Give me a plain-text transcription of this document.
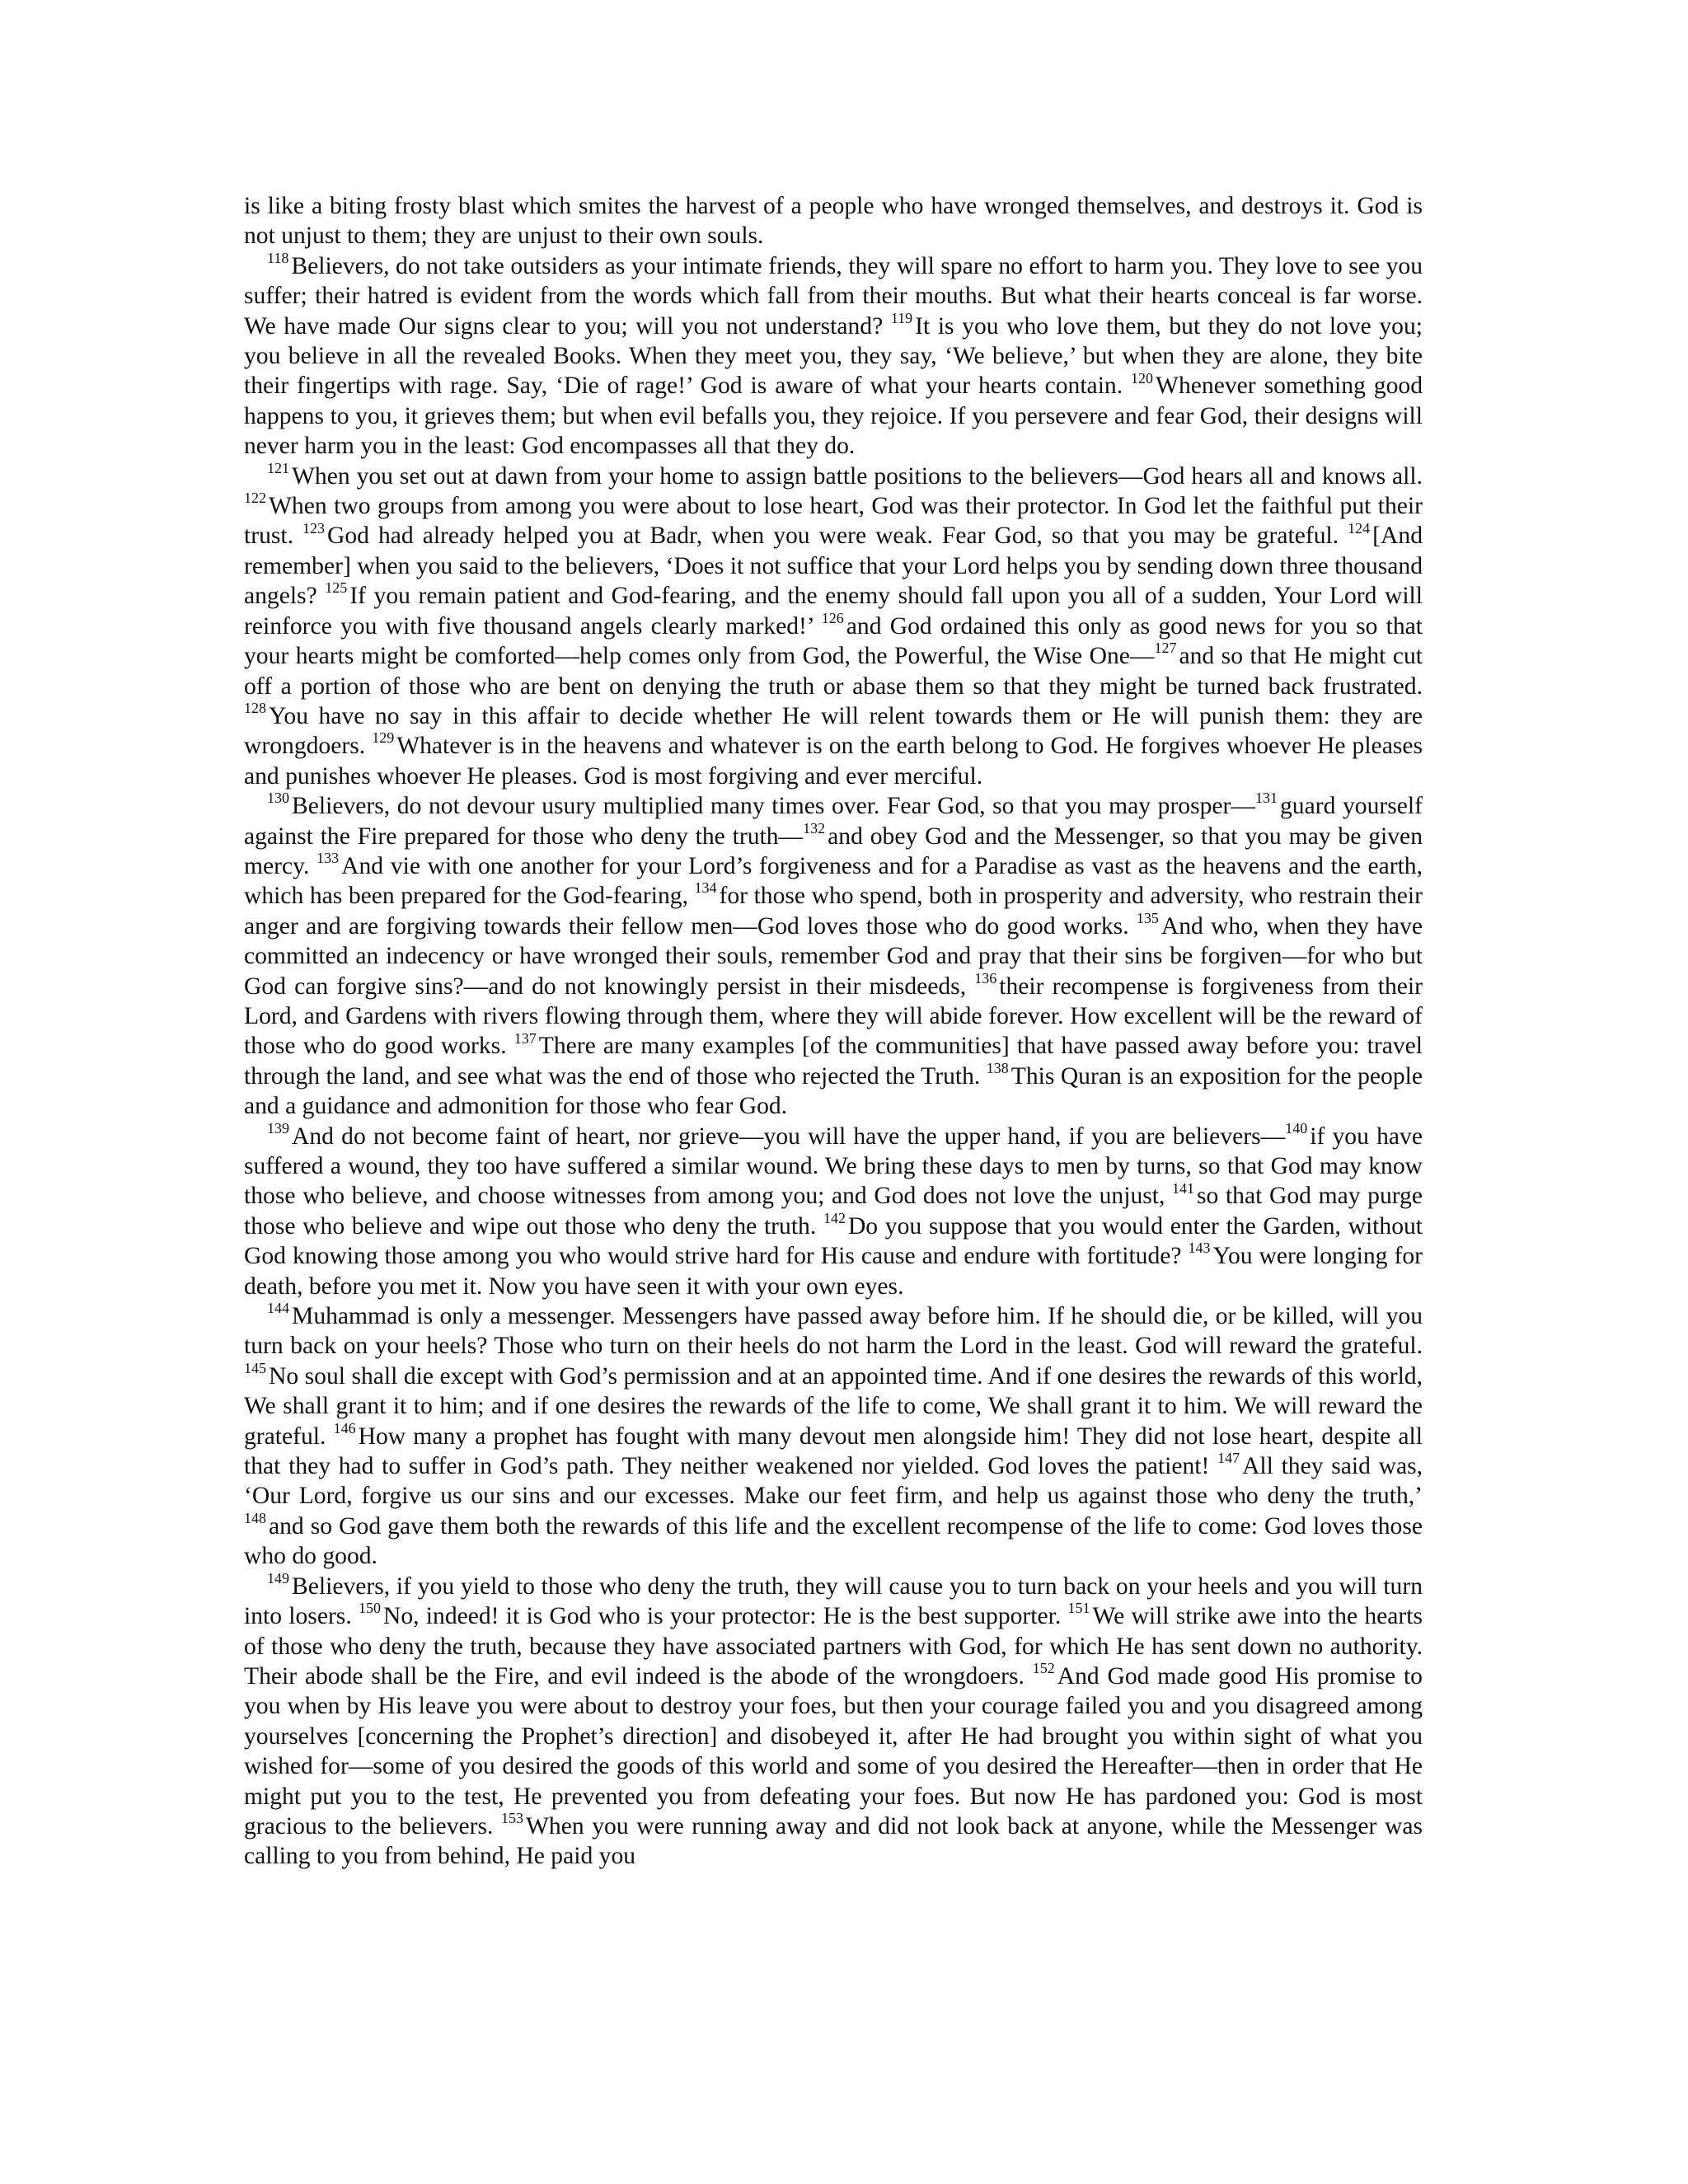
is like a biting frosty blast which smites the harvest of a people who have wronged themselves, and destroys it. God is not unjust to them; they are unjust to their own souls.

$^{118}$ Believers, do not take outsiders as your intimate friends, they will spare no effort to harm you. They love to see you suffer; their hatred is evident from the words which fall from their mouths. But what their hearts conceal is far worse. We have made Our signs clear to you; will you not understand? $^{119}$ It is you who love them, but they do not love you; you believe in all the revealed Books. When they meet you, they say, ‘We believe,’ but when they are alone, they bite their fingertips with rage. Say, ‘Die of rage!’ God is aware of what your hearts contain. $^{120}$ Whenever something good happens to you, it grieves them; but when evil befalls you, they rejoice. If you persevere and fear God, their designs will never harm you in the least: God encompasses all that they do.

$^{121}$ When you set out at dawn from your home to assign battle positions to the believers—God hears all and knows all. $^{122}$ When two groups from among you were about to lose heart, God was their protector. In God let the faithful put their trust. $^{123}$ God had already helped you at Badr, when you were weak. Fear God, so that you may be grateful. $^{124}$ [And remember] when you said to the believers, ‘Does it not suffice that your Lord helps you by sending down three thousand angels? $^{125}$ If you remain patient and God-fearing, and the enemy should fall upon you all of a sudden, Your Lord will reinforce you with five thousand angels clearly marked!’ $^{126}$ and God ordained this only as good news for you so that your hearts might be comforted—help comes only from God, the Powerful, the Wise One—$^{127}$ and so that He might cut off a portion of those who are bent on denying the truth or abase them so that they might be turned back frustrated. $^{128}$ You have no say in this affair to decide whether He will relent towards them or He will punish them: they are wrongdoers. $^{129}$ Whatever is in the heavens and whatever is on the earth belong to God. He forgives whoever He pleases and punishes whoever He pleases. God is most forgiving and ever merciful.

$^{130}$ Believers, do not devour usury multiplied many times over. Fear God, so that you may prosper—$^{131}$ guard yourself against the Fire prepared for those who deny the truth—$^{132}$ and obey God and the Messenger, so that you may be given mercy. $^{133}$ And vie with one another for your Lord’s forgiveness and for a Paradise as vast as the heavens and the earth, which has been prepared for the God-fearing, $^{134}$ for those who spend, both in prosperity and adversity, who restrain their anger and are forgiving towards their fellow men—God loves those who do good works. $^{135}$ And who, when they have committed an indecency or have wronged their souls, remember God and pray that their sins be forgiven—for who but God can forgive sins?—and do not knowingly persist in their misdeeds, $^{136}$ their recompense is forgiveness from their Lord, and Gardens with rivers flowing through them, where they will abide forever. How excellent will be the reward of those who do good works. $^{137}$ There are many examples [of the communities] that have passed away before you: travel through the land, and see what was the end of those who rejected the Truth. $^{138}$ This Quran is an exposition for the people and a guidance and admonition for those who fear God.

$^{139}$ And do not become faint of heart, nor grieve—you will have the upper hand, if you are believers—$^{140}$ if you have suffered a wound, they too have suffered a similar wound. We bring these days to men by turns, so that God may know those who believe, and choose witnesses from among you; and God does not love the unjust, $^{141}$ so that God may purge those who believe and wipe out those who deny the truth. $^{142}$ Do you suppose that you would enter the Garden, without God knowing those among you who would strive hard for His cause and endure with fortitude? $^{143}$ You were longing for death, before you met it. Now you have seen it with your own eyes.

$^{144}$ Muhammad is only a messenger. Messengers have passed away before him. If he should die, or be killed, will you turn back on your heels? Those who turn on their heels do not harm the Lord in the least. God will reward the grateful. $^{145}$ No soul shall die except with God’s permission and at an appointed time. And if one desires the rewards of this world, We shall grant it to him; and if one desires the rewards of the life to come, We shall grant it to him. We will reward the grateful. $^{146}$ How many a prophet has fought with many devout men alongside him! They did not lose heart, despite all that they had to suffer in God’s path. They neither weakened nor yielded. God loves the patient! $^{147}$ All they said was, ‘Our Lord, forgive us our sins and our excesses. Make our feet firm, and help us against those who deny the truth,’ $^{148}$ and so God gave them both the rewards of this life and the excellent recompense of the life to come: God loves those who do good.

$^{149}$ Believers, if you yield to those who deny the truth, they will cause you to turn back on your heels and you will turn into losers. $^{150}$ No, indeed! it is God who is your protector: He is the best supporter. $^{151}$ We will strike awe into the hearts of those who deny the truth, because they have associated partners with God, for which He has sent down no authority. Their abode shall be the Fire, and evil indeed is the abode of the wrongdoers. $^{152}$ And God made good His promise to you when by His leave you were about to destroy your foes, but then your courage failed you and you disagreed among yourselves [concerning the Prophet’s direction] and disobeyed it, after He had brought you within sight of what you wished for—some of you desired the goods of this world and some of you desired the Hereafter—then in order that He might put you to the test, He prevented you from defeating your foes. But now He has pardoned you: God is most gracious to the believers. $^{153}$ When you were running away and did not look back at anyone, while the Messenger was calling to you from behind, He paid you
